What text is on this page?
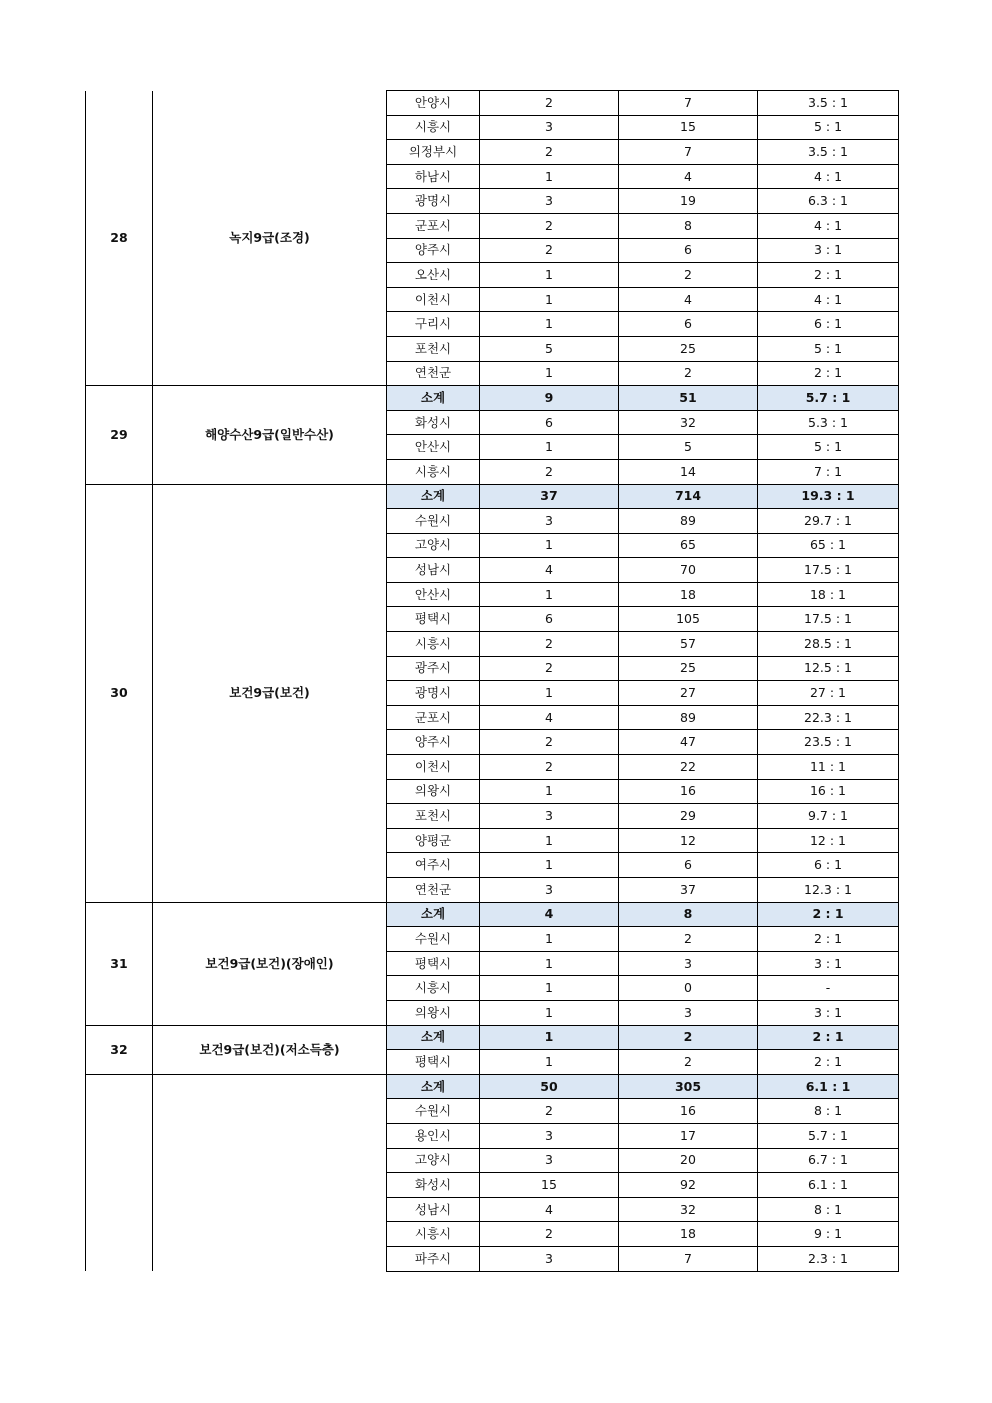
28	녹지9급(조경)	안양시	2	7	3.5 : 1
		시흥시	3	15	5 : 1
		의정부시	2	7	3.5 : 1
		하남시	1	4	4 : 1
		광명시	3	19	6.3 : 1
		군포시	2	8	4 : 1
		양주시	2	6	3 : 1
		오산시	1	2	2 : 1
		이천시	1	4	4 : 1
		구리시	1	6	6 : 1
		포천시	5	25	5 : 1
		연천군	1	2	2 : 1
29	해양수산9급(일반수산)	소계	9	51	5.7 : 1
		화성시	6	32	5.3 : 1
		안산시	1	5	5 : 1
		시흥시	2	14	7 : 1
30	보건9급(보건)	소계	37	714	19.3 : 1
		수원시	3	89	29.7 : 1
		고양시	1	65	65 : 1
		성남시	4	70	17.5 : 1
		안산시	1	18	18 : 1
		평택시	6	105	17.5 : 1
		시흥시	2	57	28.5 : 1
		광주시	2	25	12.5 : 1
		광명시	1	27	27 : 1
		군포시	4	89	22.3 : 1
		양주시	2	47	23.5 : 1
		이천시	2	22	11 : 1
		의왕시	1	16	16 : 1
		포천시	3	29	9.7 : 1
		양평군	1	12	12 : 1
		여주시	1	6	6 : 1
		연천군	3	37	12.3 : 1
31	보건9급(보건)(장애인)	소계	4	8	2 : 1
		수원시	1	2	2 : 1
		평택시	1	3	3 : 1
		시흥시	1	0	-
		의왕시	1	3	3 : 1
32	보건9급(보건)(저소득층)	소계	1	2	2 : 1
		평택시	1	2	2 : 1
		소계	50	305	6.1 : 1
		수원시	2	16	8 : 1
		용인시	3	17	5.7 : 1
		고양시	3	20	6.7 : 1
		화성시	15	92	6.1 : 1
		성남시	4	32	8 : 1
		시흥시	2	18	9 : 1
		파주시	3	7	2.3 : 1
